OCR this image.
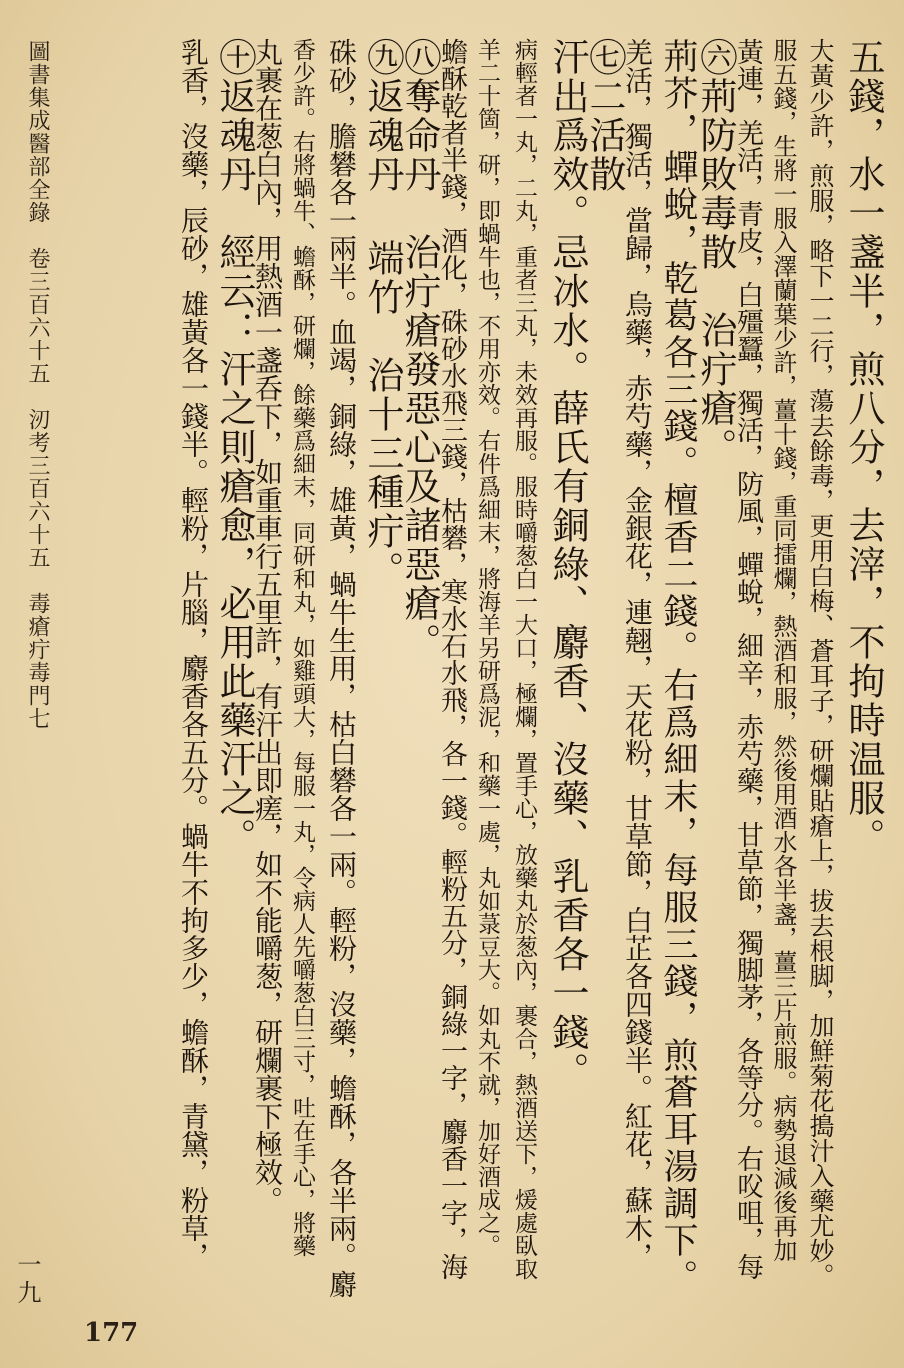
五錢，水一盞半，煎八分，去滓，不拘時温服。
大黃少許，煎服，略下一二行，蕩去餘毒，更用白梅、蒼耳子，研爛貼瘡上，拔去根脚，加鮮菊花搗汁入藥尤妙。
服五錢，生將一服入澤蘭葉少許，薑十錢，重同擂爛，熱酒和服，然後用酒水各半盞，薑三片煎服。病勢退減後再加
黃連，羌活，青皮，白殭蠶，獨活，防風，蟬蛻，細辛，赤芍藥，甘草節，獨脚茅，各等分。右㕮咀，每
㊅荊防敗毒散　治疔瘡。
荊芥，蟬蛻，乾葛各三錢。檀香二錢。右爲細末，每服三錢，煎蒼耳湯調下。
羌活，獨活，當歸，烏藥，赤芍藥，金銀花，連翹，天花粉，甘草節，白芷各四錢半。紅花，蘇木，
㊆二活散
汗出爲效。忌冰水。薛氏有銅綠、麝香、沒藥、乳香各一錢。
病輕者一丸，二丸，重者三丸，未效再服。服時嚼葱白一大口，極爛，置手心，放藥丸於葱內，裹合，熱酒送下，煖處臥取
羊二十箇，研，即蝸牛也，不用亦效。右件爲細末，將海羊另研爲泥，和藥一處，丸如菉豆大。如丸不就，加好酒成之。
蟾酥乾者半錢，酒化，硃砂水飛三錢，枯礬，寒水石水飛，各一錢。輕粉五分，銅綠一字，麝香一字，海
㊇奪命丹　治疔瘡發惡心及諸惡瘡。
㊈返魂丹 端竹　治十三種疔。
硃砂，膽礬各一兩半。血竭，銅綠，雄黃，蝸牛生用，枯白礬各一兩。輕粉，沒藥，蟾酥，各半兩。麝
香少許。右將蝸牛、蟾酥，研爛，餘藥爲細末，同研和丸，如雞頭大，每服一丸，令病人先嚼葱白三寸，吐在手心，將藥
丸裹在葱白內，用熱酒一盞呑下，如重車行五里許，有汗出即瘥，如不能嚼葱，研爛裹下極效。
㊉返魂丹　經云：汗之則瘡愈，必用此藥汗之。
乳香，沒藥，辰砂，雄黃各一錢半。輕粉，片腦，麝香各五分。蝸牛不拘多少，蟾酥，青黛，粉草，
圖書集成醫部全錄　卷三百六十五　㲽考三百六十五　毒瘡疔毒門七
一九
177
